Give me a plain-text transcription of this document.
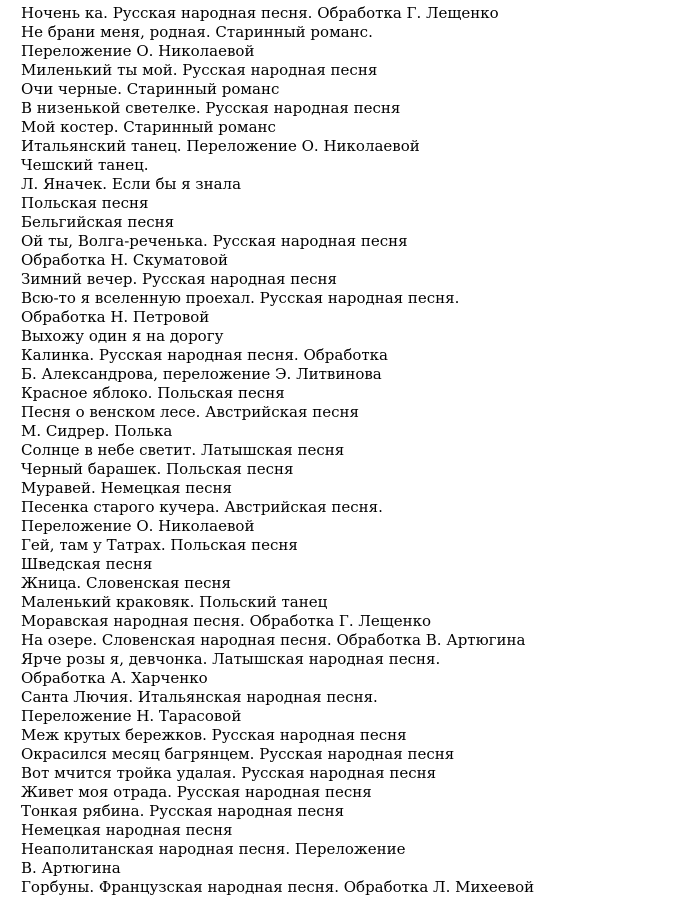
Ночень ка. Русская народная песня. Обработка Г. Лещенко
Не брани меня, родная. Старинный романс.
Переложение О. Николаевой
Миленький ты мой. Русская народная песня
Очи черные. Старинный романс
В низенькой светелке. Русская народная песня
Мой костер. Старинный романс
Итальянский танец. Переложение О. Николаевой
Чешский танец.
Л. Яначек. Если бы я знала
Польская песня
Бельгийская песня
Ой ты, Волга-реченька. Русская народная песня
Обработка Н. Скуматовой
Зимний вечер. Русская народная песня
Всю-то я вселенную проехал. Русская народная песня.
Обработка Н. Петровой
Выхожу один я на дорогу
Калинка. Русская народная песня. Обработка
Б. Александрова, переложение Э. Литвинова
Красное яблоко. Польская песня
Песня о венском лесе. Австрийская песня
М. Сидрер. Полька
Солнце в небе светит. Латышская песня
Черный барашек. Польская песня
Муравей. Немецкая песня
Песенка старого кучера. Австрийская песня.
Переложение О. Николаевой
Гей, там у Татрах. Польская песня
Шведская песня
Жница. Словенская песня
Маленький краковяк. Польский танец
Моравская народная песня. Обработка Г. Лещенко
На озере. Словенская народная песня. Обработка В. Артюгина
Ярче розы я, девчонка. Латышская народная песня.
Обработка А. Харченко
Санта Лючия. Итальянская народная песня.
Переложение Н. Тарасовой
Меж крутых бережков. Русская народная песня
Окрасился месяц багрянцем. Русская народная песня
Вот мчится тройка удалая. Русская народная песня
Живет моя отрада. Русская народная песня
Тонкая рябина. Русская народная песня
Немецкая народная песня
Неаполитанская народная песня. Переложение
В. Артюгина
Горбуны. Французская народная песня. Обработка Л. Михеевой
